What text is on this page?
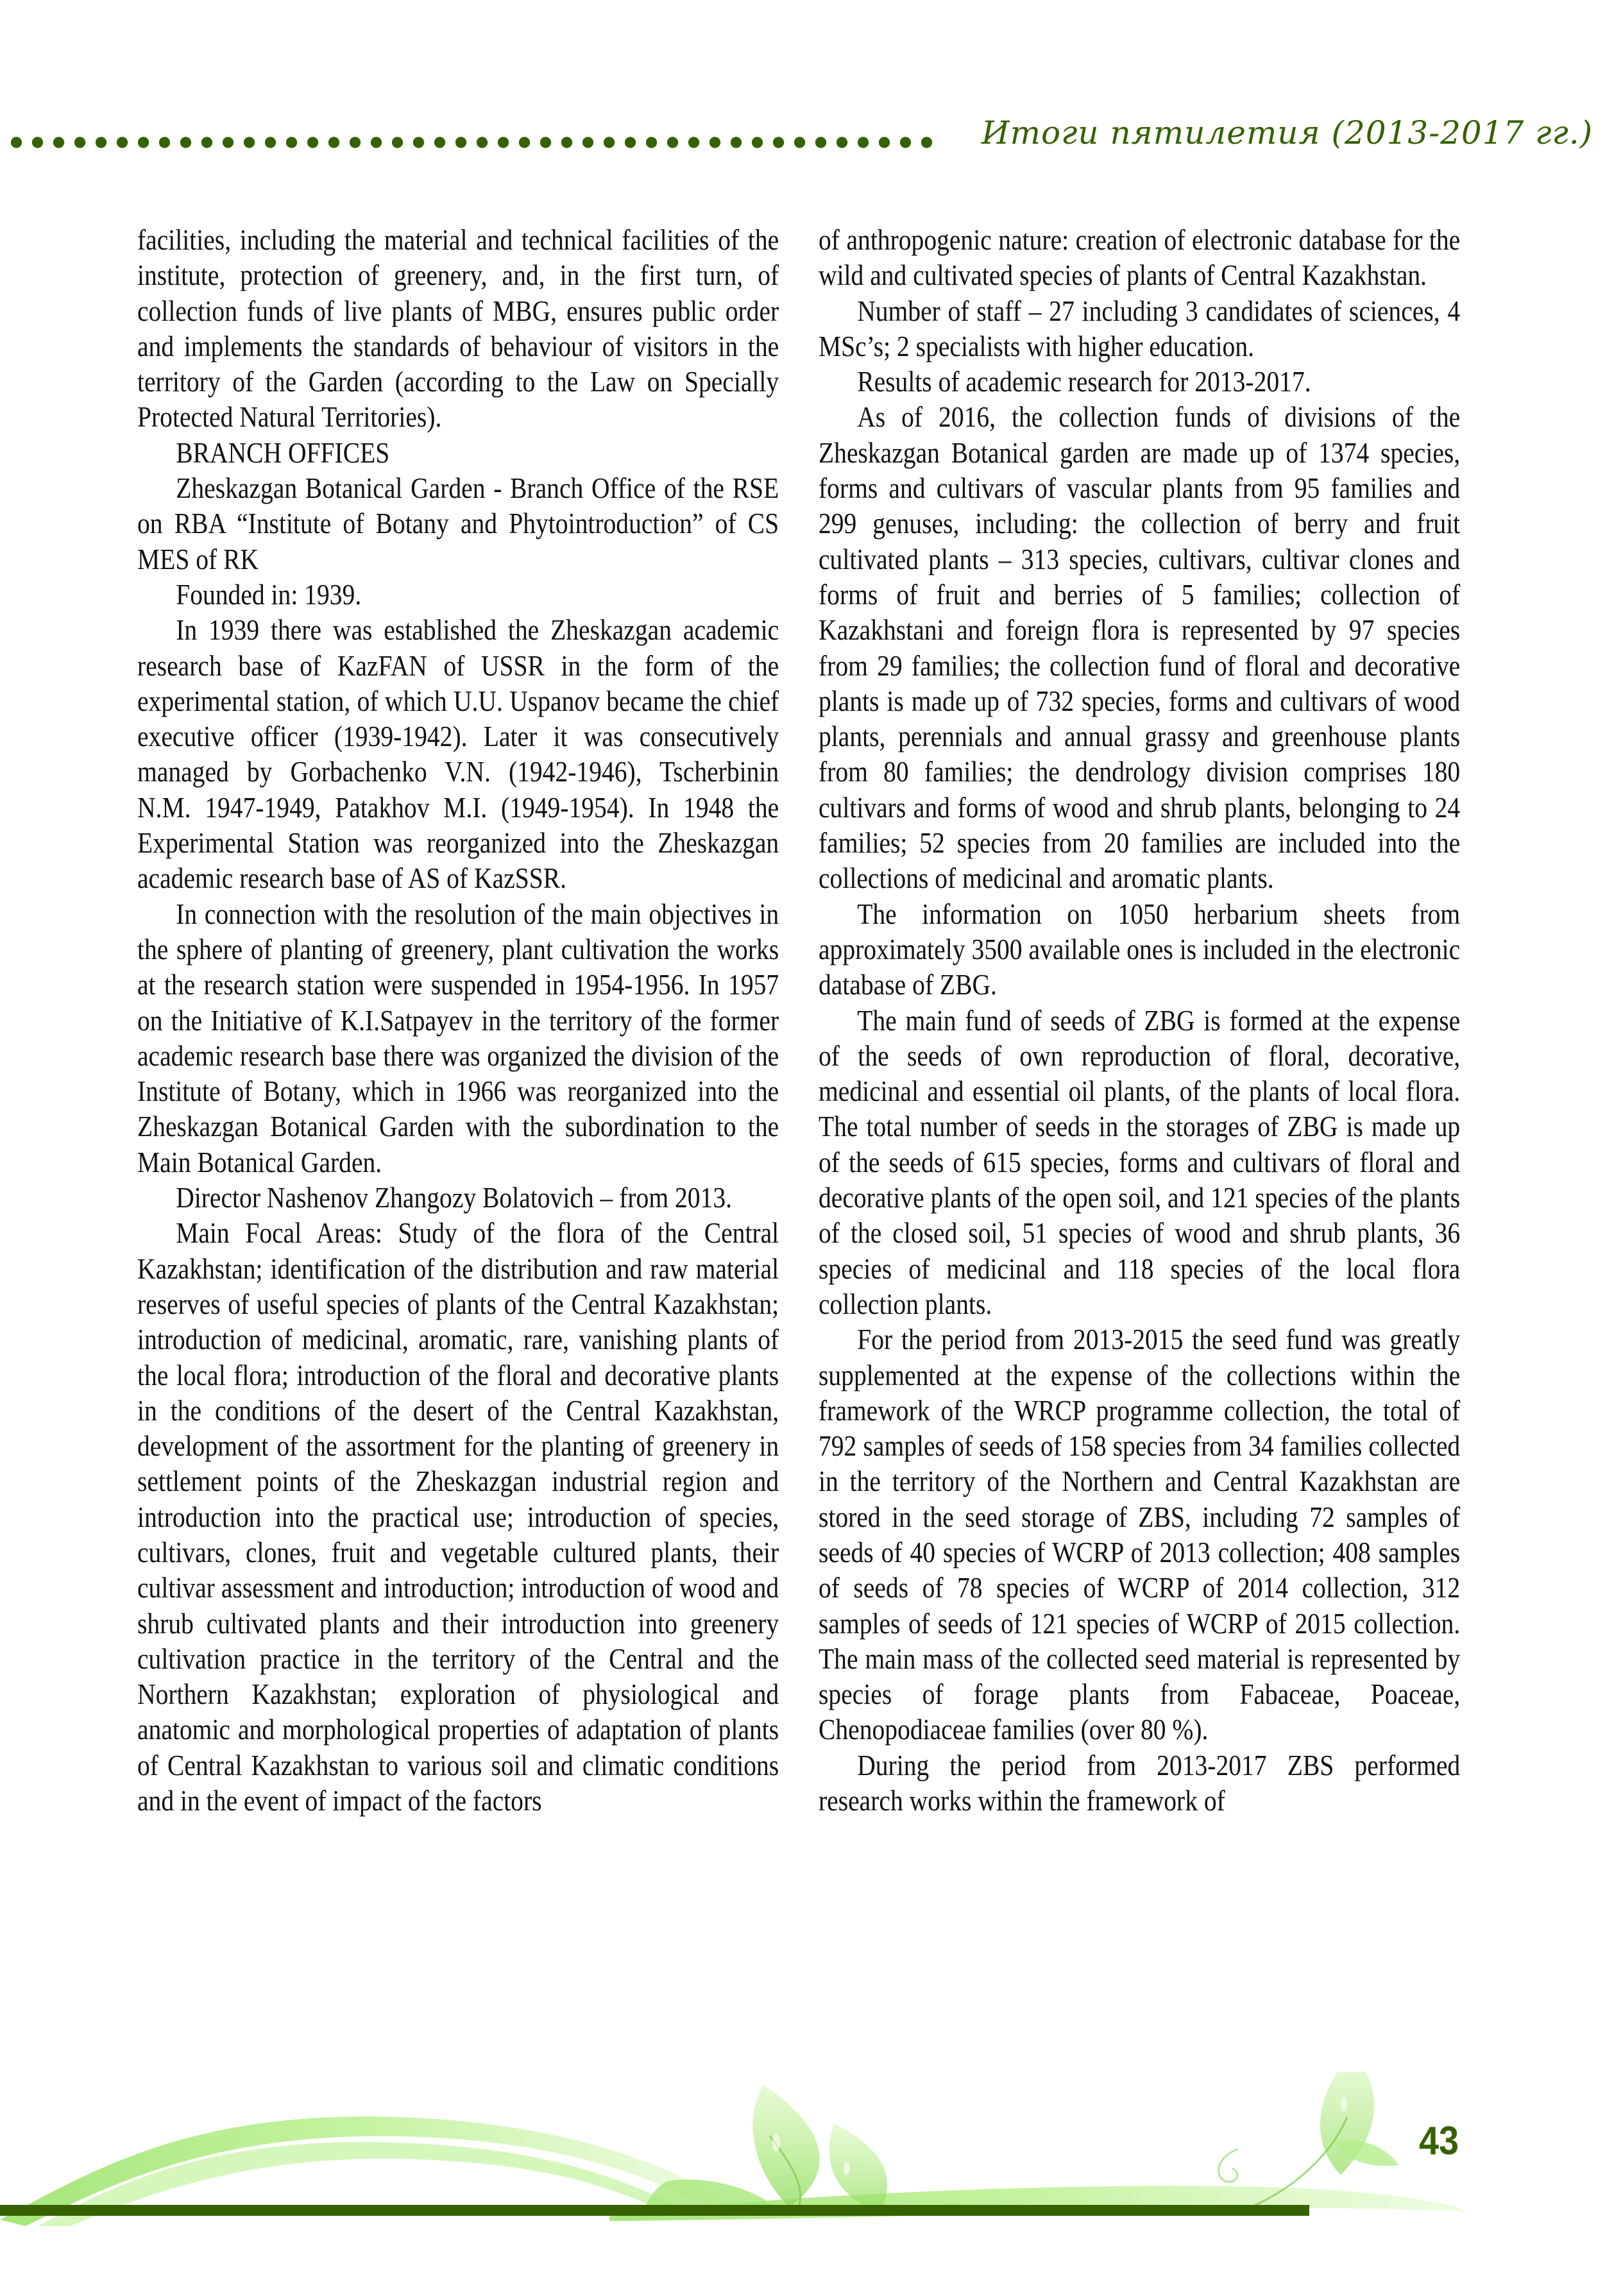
Итоги пятилетия (2013-2017 гг.)

facilities, including the material and technical facilities of the institute, protection of greenery, and, in the first turn, of collection funds of live plants of MBG, ensures public order and implements the standards of behaviour of visitors in the territory of the Garden (according to the Law on Specially Protected Natural Territories).

BRANCH OFFICES

Zheskazgan Botanical Garden - Branch Office of the RSE on RBA “Institute of Botany and Phytointroduction” of CS MES of RK

Founded in: 1939.

In 1939 there was established the Zheskazgan academic research base of KazFAN of USSR in the form of the experimental station, of which U.U. Uspanov became the chief executive officer (1939-1942). Later it was consecutively managed by Gorbachenko V.N. (1942-1946), Tscherbinin N.M. 1947-1949, Patakhov M.I. (1949-1954). In 1948 the Experimental Station was reorganized into the Zheskazgan academic research base of AS of KazSSR.

In connection with the resolution of the main objectives in the sphere of planting of greenery, plant cultivation the works at the research station were suspended in 1954-1956. In 1957 on the Initiative of K.I.Satpayev in the territory of the former academic research base there was organized the division of the Institute of Botany, which in 1966 was reorganized into the Zheskazgan Botanical Garden with the subordination to the Main Botanical Garden.

Director Nashenov Zhangozy Bolatovich – from 2013.

Main Focal Areas: Study of the flora of the Central Kazakhstan; identification of the distribution and raw material reserves of useful species of plants of the Central Kazakhstan; introduction of medicinal, aromatic, rare, vanishing plants of the local flora; introduction of the floral and decorative plants in the conditions of the desert of the Central Kazakhstan, development of the assortment for the planting of greenery in settlement points of the Zheskazgan industrial region and introduction into the practical use; introduction of species, cultivars, clones, fruit and vegetable cultured plants, their cultivar assessment and introduction; introduction of wood and shrub cultivated plants and their introduction into greenery cultivation practice in the territory of the Central and the Northern Kazakhstan; exploration of physiological and anatomic and morphological properties of adaptation of plants of Central Kazakhstan to various soil and climatic conditions and in the event of impact of the factors

of anthropogenic nature: creation of electronic database for the wild and cultivated species of plants of Central Kazakhstan.

Number of staff – 27 including 3 candidates of sciences, 4 MSc’s; 2 specialists with higher education.

Results of academic research for 2013-2017.

As of 2016, the collection funds of divisions of the Zheskazgan Botanical garden are made up of 1374 species, forms and cultivars of vascular plants from 95 families and 299 genuses, including: the collection of berry and fruit cultivated plants – 313 species, cultivars, cultivar clones and forms of fruit and berries of 5 families; collection of Kazakhstani and foreign flora is represented by 97 species from 29 families; the collection fund of floral and decorative plants is made up of 732 species, forms and cultivars of wood plants, perennials and annual grassy and greenhouse plants from 80 families; the dendrology division comprises 180 cultivars and forms of wood and shrub plants, belonging to 24 families; 52 species from 20 families are included into the collections of medicinal and aromatic plants.

The information on 1050 herbarium sheets from approximately 3500 available ones is included in the electronic database of ZBG.

The main fund of seeds of ZBG is formed at the expense of the seeds of own reproduction of floral, decorative, medicinal and essential oil plants, of the plants of local flora. The total number of seeds in the storages of ZBG is made up of the seeds of 615 species, forms and cultivars of floral and decorative plants of the open soil, and 121 species of the plants of the closed soil, 51 species of wood and shrub plants, 36 species of medicinal and 118 species of the local flora collection plants.

For the period from 2013-2015 the seed fund was greatly supplemented at the expense of the collections within the framework of the WRCP programme collection, the total of 792 samples of seeds of 158 species from 34 families collected in the territory of the Northern and Central Kazakhstan are stored in the seed storage of ZBS, including 72 samples of seeds of 40 species of WCRP of 2013 collection; 408 samples of seeds of 78 species of WCRP of 2014 collection, 312 samples of seeds of 121 species of WCRP of 2015 collection. The main mass of the collected seed material is represented by species of forage plants from Fabaceae, Poaceae, Chenopodiaceae families (over 80 %).

During the period from 2013-2017 ZBS performed research works within the framework of

43
